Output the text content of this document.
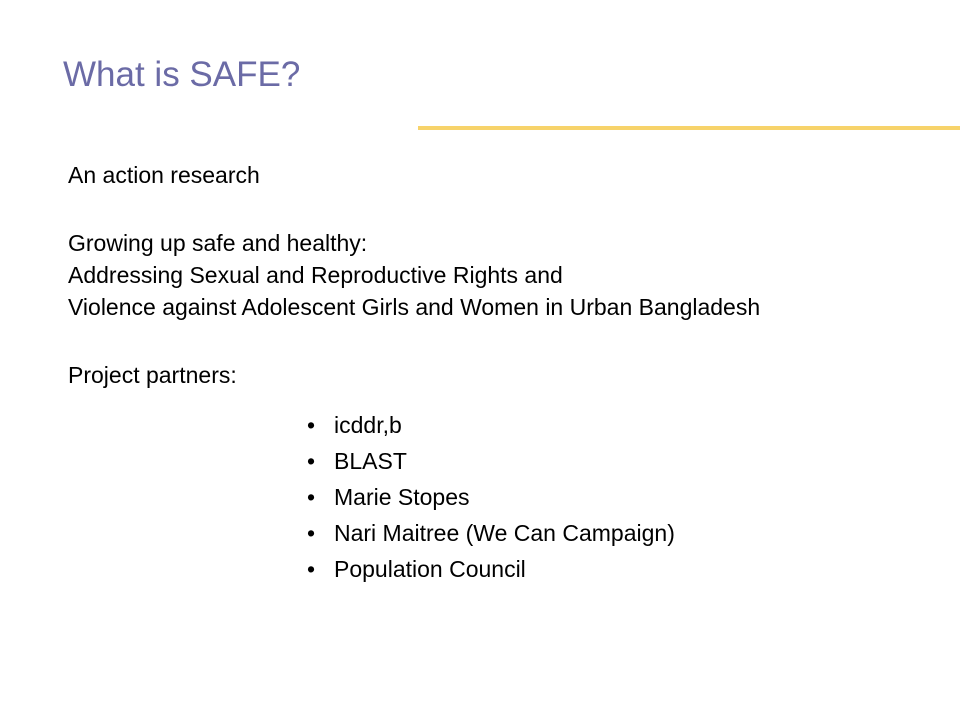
What is SAFE?
An action research
Growing up safe and healthy:
Addressing Sexual and Reproductive Rights and
Violence against Adolescent Girls and Women in Urban Bangladesh
Project partners:
• icddr,b
• BLAST
• Marie Stopes
• Nari Maitree (We Can Campaign)
• Population Council
